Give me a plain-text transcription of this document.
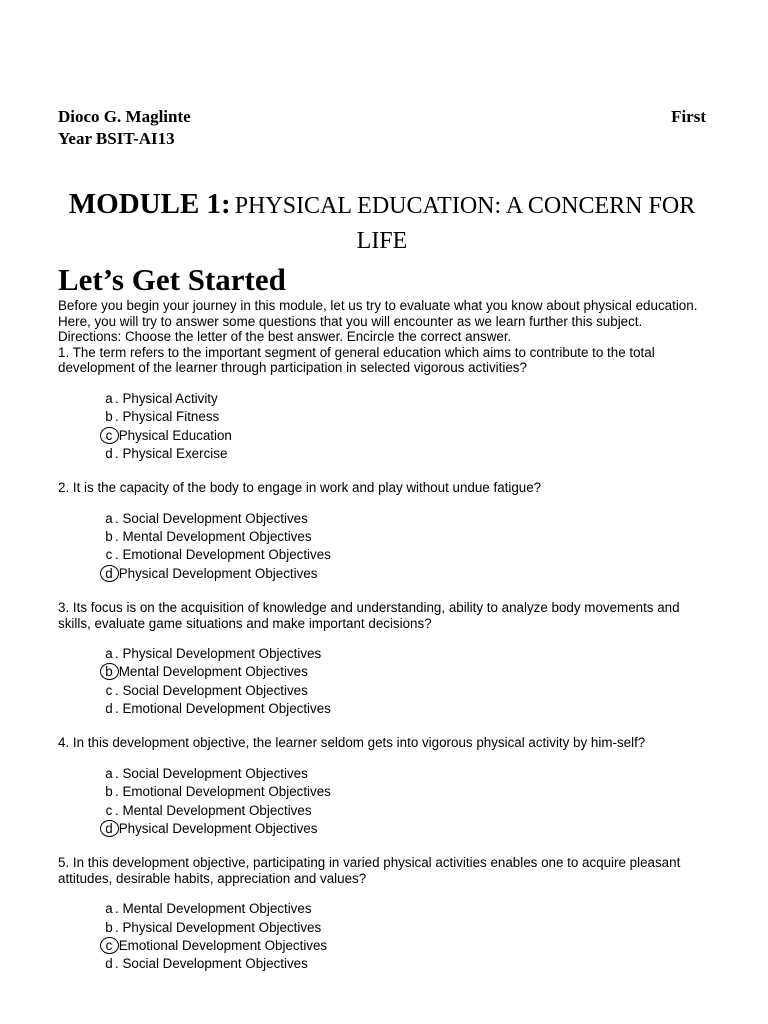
Dioco G. Maglinte	First
Year BSIT-AI13
MODULE 1: PHYSICAL EDUCATION: A CONCERN FOR LIFE
Let’s Get Started
Before you begin your journey in this module, let us try to evaluate what you know about physical education. Here, you will try to answer some questions that you will encounter as we learn further this subject.
Directions: Choose the letter of the best answer. Encircle the correct answer.
1. The term refers to the important segment of general education which aims to contribute to the total development of the learner through participation in selected vigorous activities?
a . Physical Activity
b . Physical Fitness
c Physical Education
d . Physical Exercise
2. It is the capacity of the body to engage in work and play without undue fatigue?
a . Social Development Objectives
b . Mental Development Objectives
c . Emotional Development Objectives
d Physical Development Objectives
3. Its focus is on the acquisition of knowledge and understanding, ability to analyze body movements and skills, evaluate game situations and make important decisions?
a . Physical Development Objectives
b Mental Development Objectives
c . Social Development Objectives
d . Emotional Development Objectives
4. In this development objective, the learner seldom gets into vigorous physical activity by him-self?
a . Social Development Objectives
b . Emotional Development Objectives
c . Mental Development Objectives
d Physical Development Objectives
5. In this development objective, participating in varied physical activities enables one to acquire pleasant attitudes, desirable habits, appreciation and values?
a . Mental Development Objectives
b . Physical Development Objectives
c Emotional Development Objectives
d . Social Development Objectives
